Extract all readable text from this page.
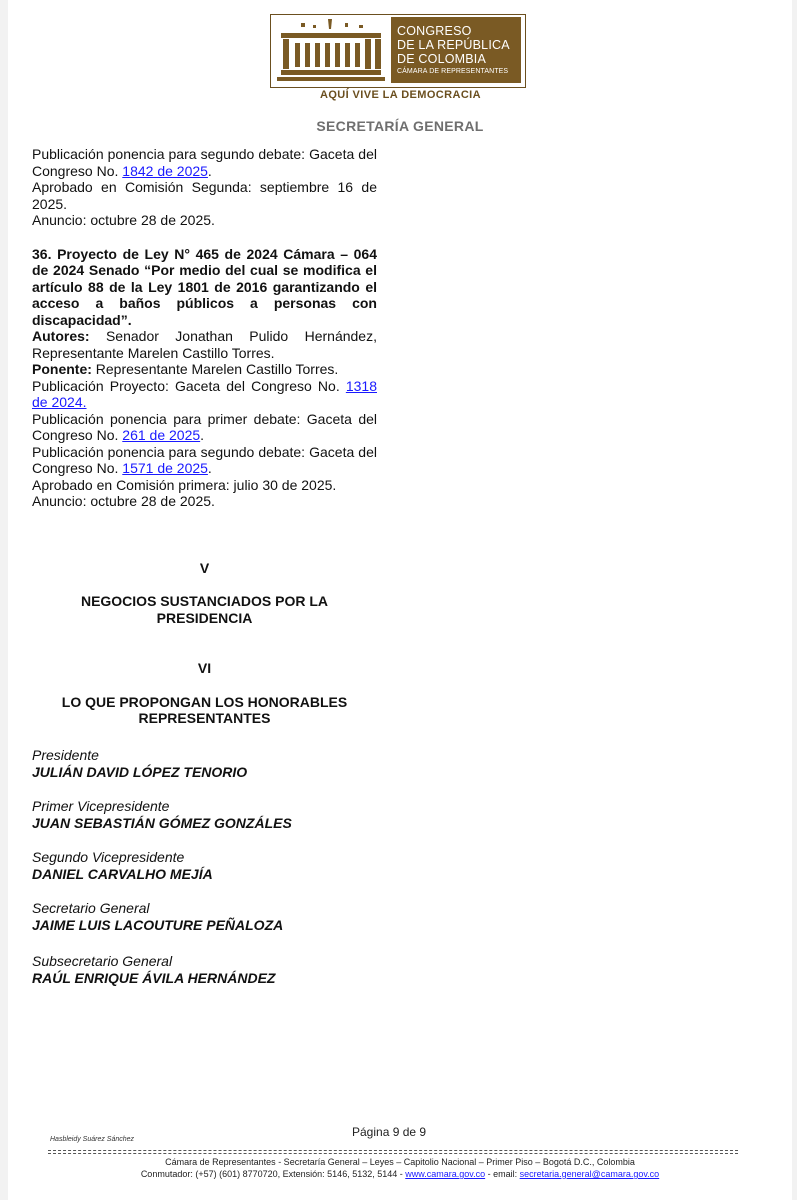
CONGRESO
DE LA REPÚBLICA
DE COLOMBIA
CÁMARA DE REPRESENTANTES
AQUÍ VIVE LA DEMOCRACIA
SECRETARÍA GENERAL

Publicación ponencia para segundo debate: Gaceta del Congreso No. 1842 de 2025.

Aprobado en Comisión Segunda: septiembre 16 de 2025.

Anuncio: octubre 28 de 2025.

36. Proyecto de Ley N° 465 de 2024 Cámara – 064 de 2024 Senado “Por medio del cual se modifica el artículo 88 de la Ley 1801 de 2016 garantizando el acceso a baños públicos a personas con discapacidad”.

Autores: Senador Jonathan Pulido Hernández, Representante Marelen Castillo Torres.

Ponente: Representante Marelen Castillo Torres.

Publicación Proyecto: Gaceta del Congreso No. 1318 de 2024.

Publicación ponencia para primer debate: Gaceta del Congreso No. 261 de 2025.

Publicación ponencia para segundo debate: Gaceta del Congreso No. 1571 de 2025.

Aprobado en Comisión primera: julio 30 de 2025.

Anuncio: octubre 28 de 2025.

V

NEGOCIOS SUSTANCIADOS POR LA PRESIDENCIA

VI

LO QUE PROPONGAN LOS HONORABLES REPRESENTANTES

Presidente
JULIÁN DAVID LÓPEZ TENORIO
Primer Vicepresidente
JUAN SEBASTIÁN GÓMEZ GONZÁLES
Segundo Vicepresidente
DANIEL CARVALHO MEJÍA
Secretario General
JAIME LUIS LACOUTURE PEÑALOZA
Subsecretario General
RAÚL ENRIQUE ÁVILA HERNÁNDEZ
Página 9 de 9
Hasbleidy Suárez Sánchez
Cámara de Representantes - Secretaría General – Leyes – Capitolio Nacional – Primer Piso – Bogotá D.C., Colombia
Conmutador: (+57) (601) 8770720, Extensión: 5146, 5132, 5144 - www.camara.gov.co - email: secretaria.general@camara.gov.co
